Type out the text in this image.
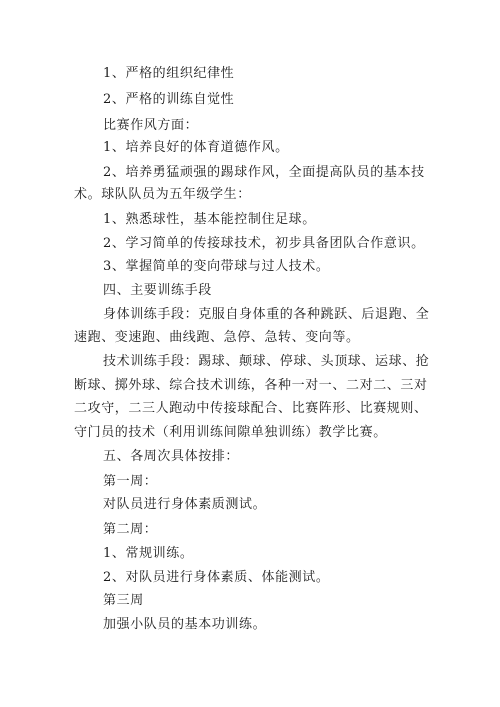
1、严格的组织纪律性
2、严格的训练自觉性
比赛作风方面：
1、培养良好的体育道德作风。
2、培养勇猛顽强的踢球作风，全面提高队员的基本技
术。球队队员为五年级学生：
1、熟悉球性，基本能控制住足球。
2、学习简单的传接球技术，初步具备团队合作意识。
3、掌握简单的变向带球与过人技术。
四、主要训练手段
身体训练手段：克服自身体重的各种跳跃、后退跑、全
速跑、变速跑、曲线跑、急停、急转、变向等。
技术训练手段：踢球、颠球、停球、头顶球、运球、抢
断球、掷外球、综合技术训练，各种一对一、二对二、三对
二攻守，二三人跑动中传接球配合、比赛阵形、比赛规则、
守门员的技术（利用训练间隙单独训练）教学比赛。
五、各周次具体按排：
第一周：
对队员进行身体素质测试。
第二周：
1、常规训练。
2、对队员进行身体素质、体能测试。
第三周
加强小队员的基本功训练。
